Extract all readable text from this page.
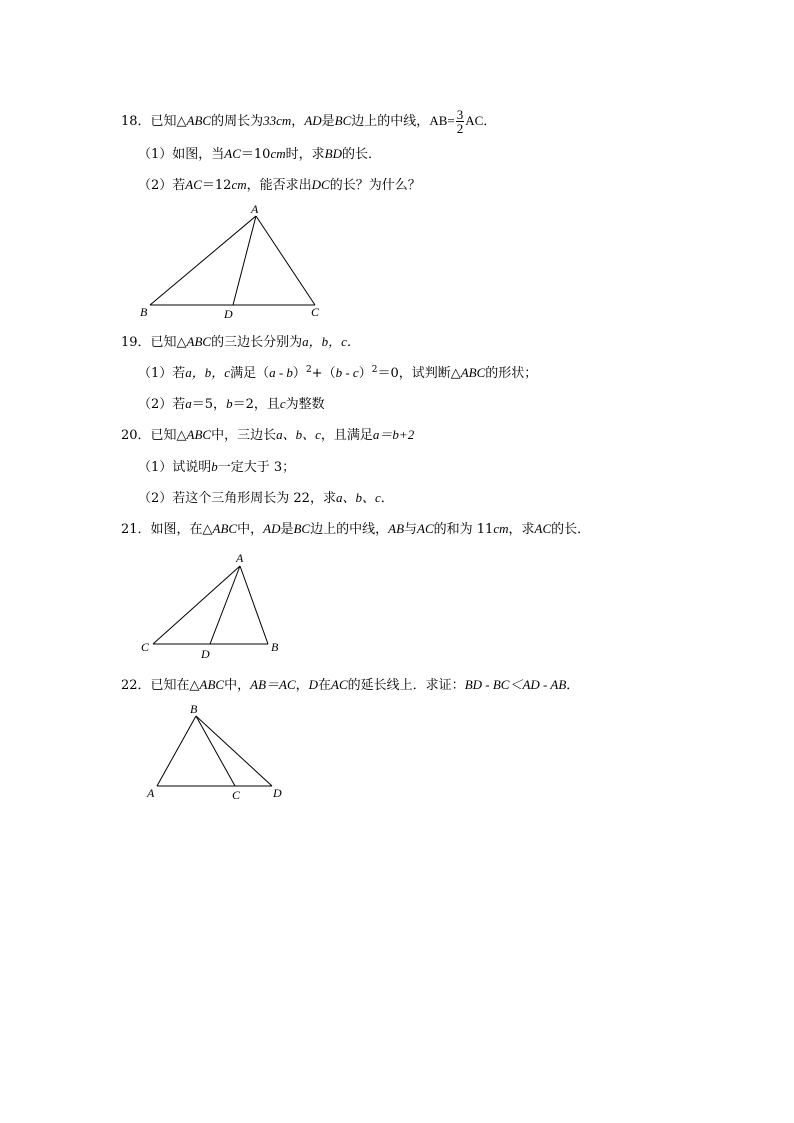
18．已知△ABC的周长为33cm，AD是BC边上的中线，$AB= \frac{3}{2}$ AC．
（1）如图，当AC＝10cm时，求BD的长．
（2）若AC＝12cm，能否求出DC的长？为什么？
A
B	D	C
A
C	D	B
B
A	C	D
19．已知△ABC的三边长分别为a，b，c．
（1）若a，b，c满足（a - b）$^2$+（b - c）$^2$＝0，试判断△ABC的形状；
（2）若a＝5，b＝2，且c为整数
20．已知△ABC中，三边长a、b、c，且满足a＝b+2
（1）试说明b一定大于 3；
（2）若这个三角形周长为 22，求a、b、c．
21．如图，在△ABC中，AD是BC边上的中线，AB与AC的和为 11cm，求AC的长．
22．已知在△ABC中，AB＝AC，D在AC的延长线上．求证：BD - BC＜AD - AB．
